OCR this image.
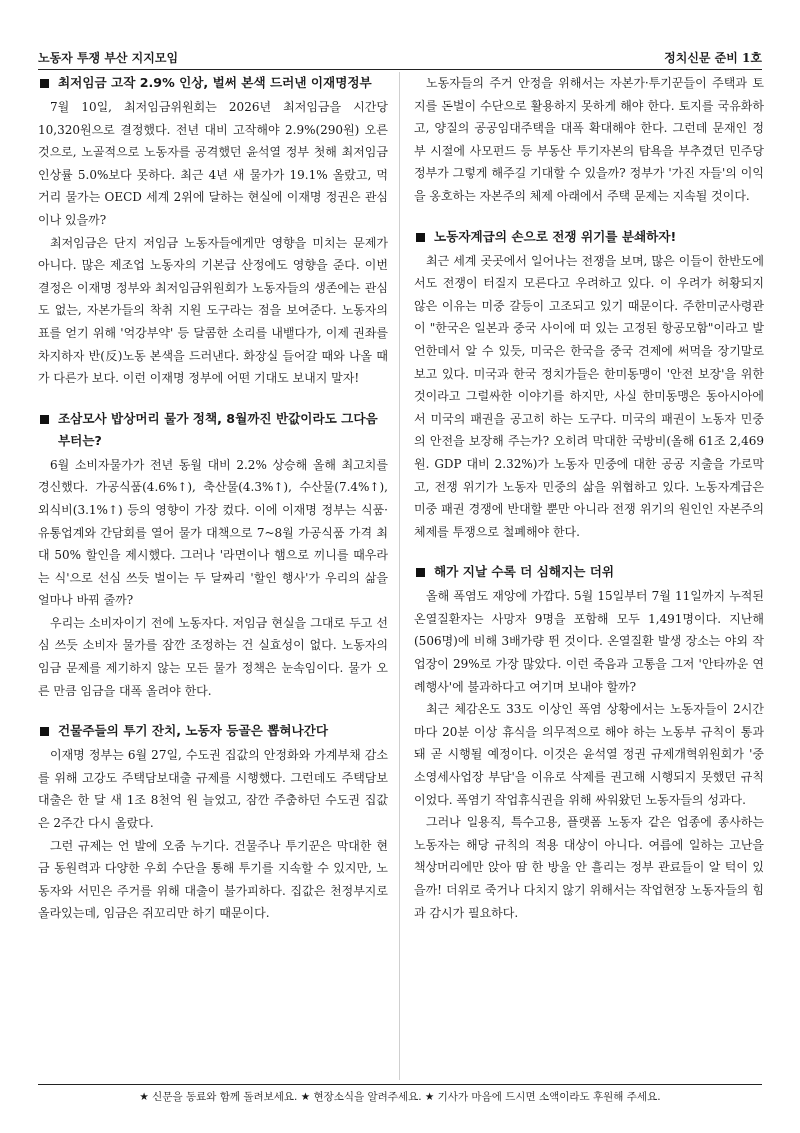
노동자 투쟁 부산 지지모임	정치신문 준비 1호
최저임금 고작 2.9% 인상, 벌써 본색 드러낸 이재명정부

7월 10일, 최저임금위원회는 2026년 최저임금을 시간당 10,320원으로 결정했다. 전년 대비 고작해야 2.9%(290원) 오른 것으로, 노골적으로 노동자를 공격했던 윤석열 정부 첫해 최저임금 인상률 5.0%보다 못하다. 최근 4년 새 물가가 19.1% 올랐고, 먹거리 물가는 OECD 세계 2위에 달하는 현실에 이재명 정권은 관심이나 있을까?

최저임금은 단지 저임금 노동자들에게만 영향을 미치는 문제가 아니다. 많은 제조업 노동자의 기본급 산정에도 영향을 준다. 이번 결정은 이재명 정부와 최저임금위원회가 노동자들의 생존에는 관심도 없는, 자본가들의 착취 지원 도구라는 점을 보여준다. 노동자의 표를 얻기 위해 '억강부약' 등 달콤한 소리를 내뱉다가, 이제 권좌를 차지하자 반(反)노동 본색을 드러낸다. 화장실 들어갈 때와 나올 때가 다른가 보다. 이런 이재명 정부에 어떤 기대도 보내지 말자!

조삼모사 밥상머리 물가 정책, 8월까진 반값이라도 그다음부터는?

6월 소비자물가가 전년 동월 대비 2.2% 상승해 올해 최고치를 경신했다. 가공식품(4.6%↑), 축산물(4.3%↑), 수산물(7.4%↑), 외식비(3.1%↑) 등의 영향이 가장 컸다. 이에 이재명 정부는 식품·유통업계와 간담회를 열어 물가 대책으로 7~8월 가공식품 가격 최대 50% 할인을 제시했다. 그러나 '라면이나 햄으로 끼니를 때우라는 식'으로 선심 쓰듯 벌이는 두 달짜리 '할인 행사'가 우리의 삶을 얼마나 바꿔 줄까?

우리는 소비자이기 전에 노동자다. 저임금 현실을 그대로 두고 선심 쓰듯 소비자 물가를 잠깐 조정하는 건 실효성이 없다. 노동자의 임금 문제를 제기하지 않는 모든 물가 정책은 눈속임이다. 물가 오른 만큼 임금을 대폭 올려야 한다.

건물주들의 투기 잔치, 노동자 등골은 뽑혀나간다

이재명 정부는 6월 27일, 수도권 집값의 안정화와 가계부채 감소를 위해 고강도 주택담보대출 규제를 시행했다. 그런데도 주택담보대출은 한 달 새 1조 8천억 원 늘었고, 잠깐 주춤하던 수도권 집값은 2주간 다시 올랐다.

그런 규제는 언 발에 오줌 누기다. 건물주나 투기꾼은 막대한 현금 동원력과 다양한 우회 수단을 통해 투기를 지속할 수 있지만, 노동자와 서민은 주거를 위해 대출이 불가피하다. 집값은 천정부지로 올라있는데, 임금은 쥐꼬리만 하기 때문이다.

노동자들의 주거 안정을 위해서는 자본가·투기꾼들이 주택과 토지를 돈벌이 수단으로 활용하지 못하게 해야 한다. 토지를 국유화하고, 양질의 공공임대주택을 대폭 확대해야 한다. 그런데 문재인 정부 시절에 사모펀드 등 부동산 투기자본의 탐욕을 부추겼던 민주당 정부가 그렇게 해주길 기대할 수 있을까? 정부가 '가진 자들'의 이익을 옹호하는 자본주의 체제 아래에서 주택 문제는 지속될 것이다.

노동자계급의 손으로 전쟁 위기를 분쇄하자!

최근 세계 곳곳에서 일어나는 전쟁을 보며, 많은 이들이 한반도에서도 전쟁이 터질지 모른다고 우려하고 있다. 이 우려가 허황되지 않은 이유는 미중 갈등이 고조되고 있기 때문이다. 주한미군사령관이 "한국은 일본과 중국 사이에 떠 있는 고정된 항공모함"이라고 발언한데서 알 수 있듯, 미국은 한국을 중국 견제에 써먹을 장기말로 보고 있다. 미국과 한국 정치가들은 한미동맹이 '안전 보장'을 위한 것이라고 그럴싸한 이야기를 하지만, 사실 한미동맹은 동아시아에서 미국의 패권을 공고히 하는 도구다. 미국의 패권이 노동자 민중의 안전을 보장해 주는가? 오히려 막대한 국방비(올해 61조 2,469원. GDP 대비 2.32%)가 노동자 민중에 대한 공공 지출을 가로막고, 전쟁 위기가 노동자 민중의 삶을 위협하고 있다. 노동자계급은 미중 패권 경쟁에 반대할 뿐만 아니라 전쟁 위기의 원인인 자본주의 체제를 투쟁으로 철폐해야 한다.

해가 지날 수록 더 심해지는 더위

올해 폭염도 재앙에 가깝다. 5월 15일부터 7월 11일까지 누적된 온열질환자는 사망자 9명을 포함해 모두 1,491명이다. 지난해(506명)에 비해 3배가량 뛴 것이다. 온열질환 발생 장소는 야외 작업장이 29%로 가장 많았다. 이런 죽음과 고통을 그저 '안타까운 연례행사'에 불과하다고 여기며 보내야 할까?

최근 체감온도 33도 이상인 폭염 상황에서는 노동자들이 2시간마다 20분 이상 휴식을 의무적으로 해야 하는 노동부 규칙이 통과돼 곧 시행될 예정이다. 이것은 윤석열 정권 규제개혁위원회가 '중소영세사업장 부담'을 이유로 삭제를 권고해 시행되지 못했던 규칙이었다. 폭염기 작업휴식권을 위해 싸워왔던 노동자들의 성과다.

그러나 일용직, 특수고용, 플랫폼 노동자 같은 업종에 종사하는 노동자는 해당 규칙의 적용 대상이 아니다. 여름에 일하는 고난을 책상머리에만 앉아 땀 한 방울 안 흘리는 정부 관료들이 알 턱이 있을까! 더위로 죽거나 다치지 않기 위해서는 작업현장 노동자들의 힘과 감시가 필요하다.

★ 신문을 동료와 함께 돌려보세요. ★ 현장소식을 알려주세요. ★ 기사가 마음에 드시면 소액이라도 후원해 주세요.
